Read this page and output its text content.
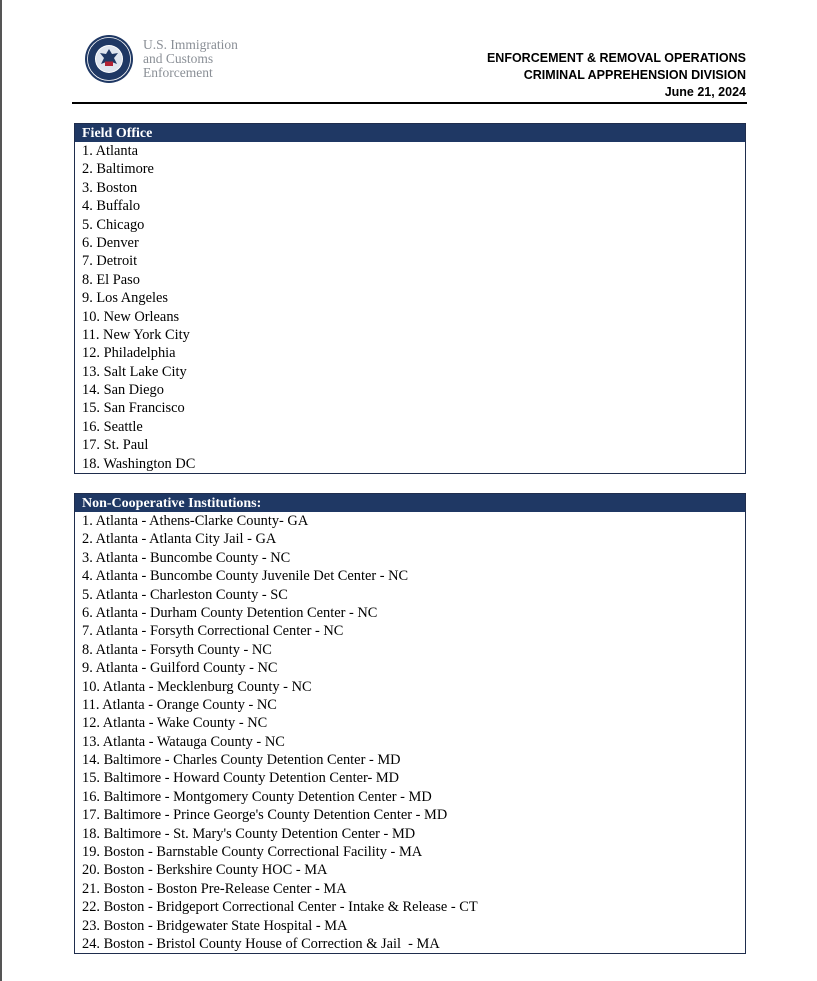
U.S. Immigration
and Customs
Enforcement
ENFORCEMENT & REMOVAL OPERATIONS
CRIMINAL APPREHENSION DIVISION
June 21, 2024
Field Office
1. Atlanta
2. Baltimore
3. Boston
4. Buffalo
5. Chicago
6. Denver
7. Detroit
8. El Paso
9. Los Angeles
10. New Orleans
11. New York City
12. Philadelphia
13. Salt Lake City
14. San Diego
15. San Francisco
16. Seattle
17. St. Paul
18. Washington DC
Non-Cooperative Institutions:
1. Atlanta - Athens-Clarke County- GA
2. Atlanta - Atlanta City Jail - GA
3. Atlanta - Buncombe County - NC
4. Atlanta - Buncombe County Juvenile Det Center - NC
5. Atlanta - Charleston County - SC
6. Atlanta - Durham County Detention Center - NC
7. Atlanta - Forsyth Correctional Center - NC
8. Atlanta - Forsyth County - NC
9. Atlanta - Guilford County - NC
10. Atlanta - Mecklenburg County - NC
11. Atlanta - Orange County - NC
12. Atlanta - Wake County - NC
13. Atlanta - Watauga County - NC
14. Baltimore - Charles County Detention Center - MD
15. Baltimore - Howard County Detention Center- MD
16. Baltimore - Montgomery County Detention Center - MD
17. Baltimore - Prince George's County Detention Center - MD
18. Baltimore - St. Mary's County Detention Center - MD
19. Boston - Barnstable County Correctional Facility - MA
20. Boston - Berkshire County HOC - MA
21. Boston - Boston Pre-Release Center - MA
22. Boston - Bridgeport Correctional Center - Intake & Release - CT
23. Boston - Bridgewater State Hospital - MA
24. Boston - Bristol County House of Correction & Jail  - MA
